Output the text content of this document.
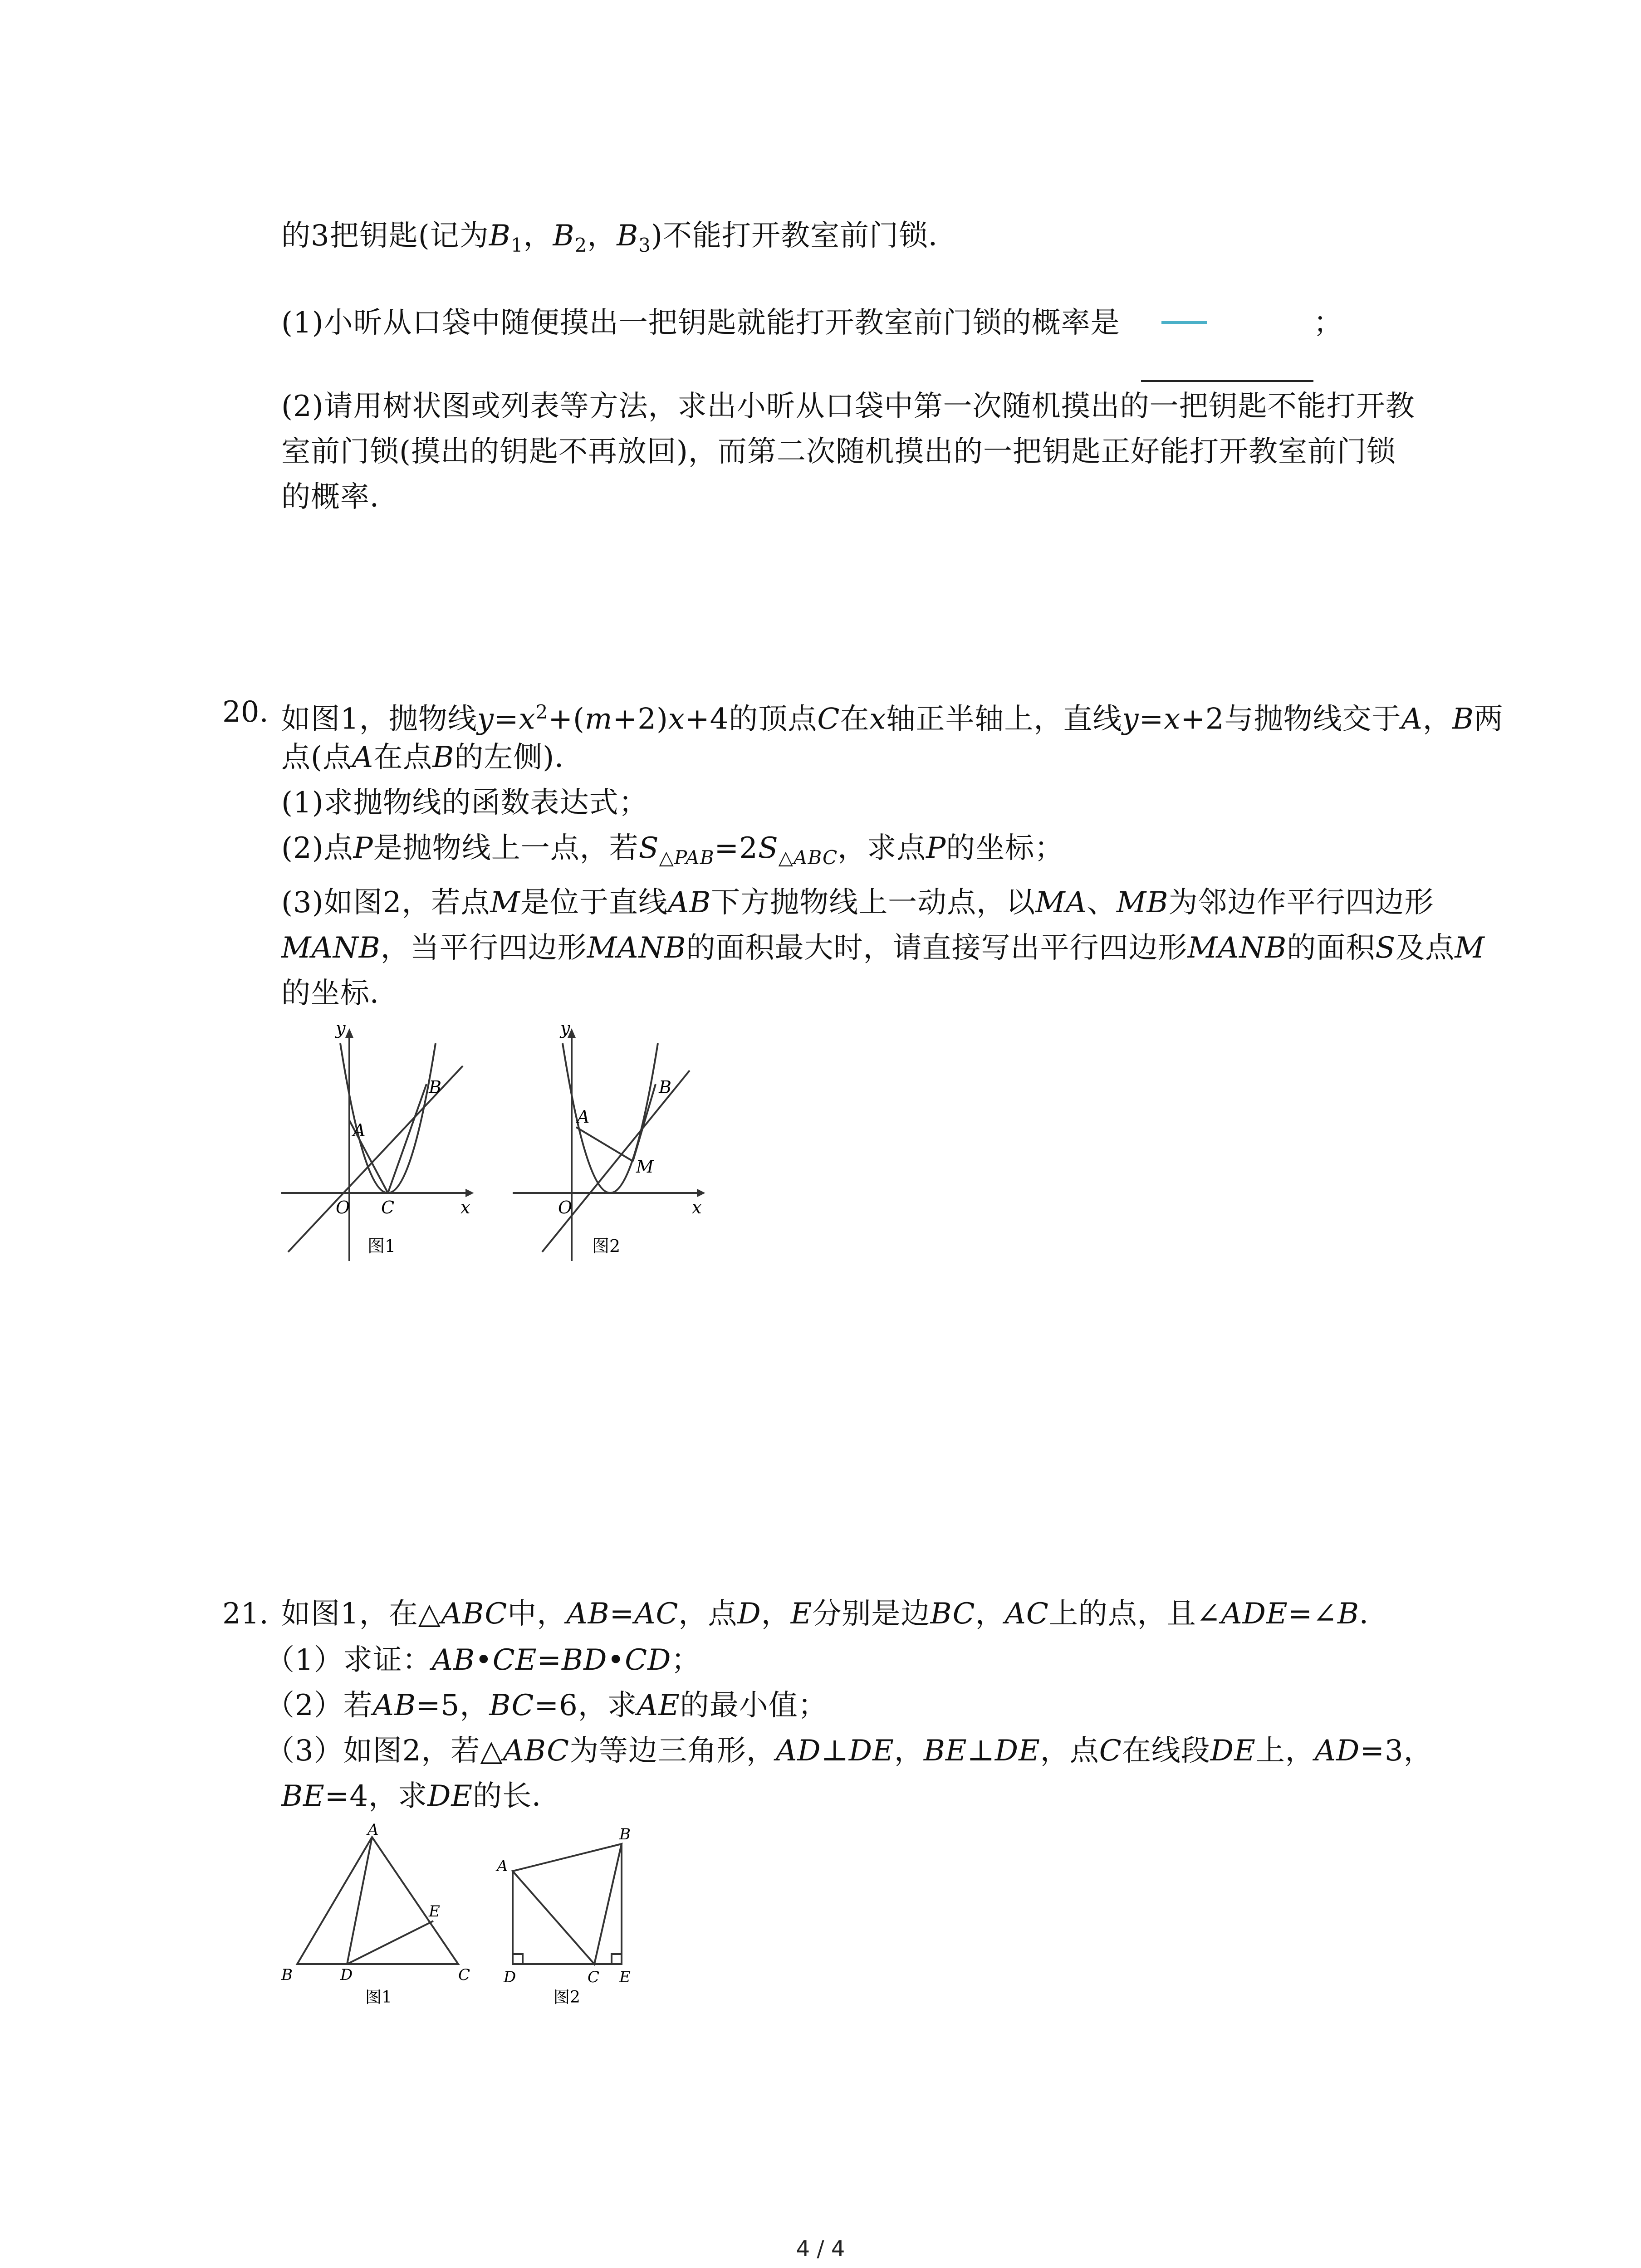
的3把钥匙(记为$B_1$，$B_2$，$B_3$)不能打开教室前门锁．
(1)小昕从口袋中随便摸出一把钥匙就能打开教室前门锁的概率是	；
(2)请用树状图或列表等方法，求出小昕从口袋中第一次随机摸出的一把钥匙不能打开教
室前门锁(摸出的钥匙不再放回)，而第二次随机摸出的一把钥匙正好能打开教室前门锁
的概率．
20. 如图1，抛物线$y=x^2+(m+2)x+4$的顶点C在x轴正半轴上，直线y=x+2与抛物线交于A，B两
点(点A在点B的左侧)．
(1)求抛物线的函数表达式；
(2)点P是抛物线上一点，若$S_{\triangle PAB}=2S_{\triangle ABC}$，求点P的坐标；
(3)如图2，若点M是位于直线AB下方抛物线上一动点，以MA、MB为邻边作平行四边形
MANB，当平行四边形MANB的面积最大时，请直接写出平行四边形MANB的面积S及点M
的坐标．
y
x
O
A
B
C
图1
y
x
O
A
B
M
图2
21. 如图1，在△ABC中，AB=AC，点D，E分别是边BC，AC上的点，且∠ADE=∠B．
（1）求证：AB•CE=BD•CD；
（2）若AB=5，BC=6，求AE的最小值；
（3）如图2，若△ABC为等边三角形，AD⊥DE，BE⊥DE，点C在线段DE上，AD=3，
BE=4，求DE的长．
A
B	C
D
E
图1
A
B
C
D	E
图2
4 / 4
